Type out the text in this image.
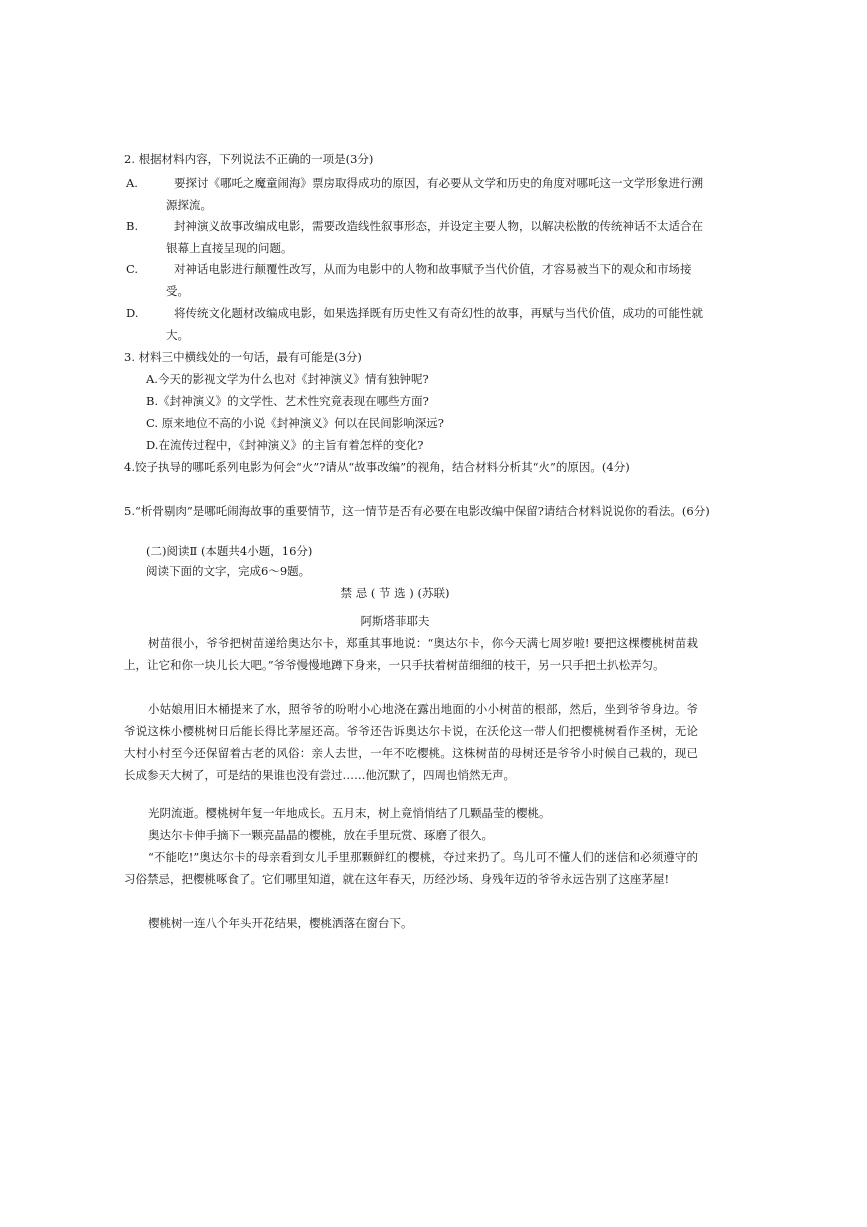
2. 根据材料内容，下列说法不正确的一项是(3分)

A.	要探讨《哪吒之魔童闹海》票房取得成功的原因，有必要从文学和历史的角度对哪吒这一文学形象进行溯源探流。

B.	封神演义故事改编成电影，需要改造线性叙事形态，并设定主要人物，以解决松散的传统神话不太适合在银幕上直接呈现的问题。

C.	对神话电影进行颠覆性改写，从而为电影中的人物和故事赋予当代价值，才容易被当下的观众和市场接受。

D.	将传统文化题材改编成电影，如果选择既有历史性又有奇幻性的故事，再赋与当代价值，成功的可能性就大。

3. 材料三中横线处的一句话，最有可能是(3分)

A.今天的影视文学为什么也对《封神演义》情有独钟呢?

B.《封神演义》的文学性、艺术性究竟表现在哪些方面?

C. 原来地位不高的小说《封神演义》何以在民间影响深远?

D.在流传过程中，《封神演义》的主旨有着怎样的变化?

4.饺子执导的哪吒系列电影为何会“火”?请从“故事改编”的视角，结合材料分析其“火”的原因。(4分)

5.“析骨剔肉”是哪吒闹海故事的重要情节，这一情节是否有必要在电影改编中保留?请结合材料说说你的看法。(6分)

(二)阅读Ⅱ (本题共4小题，16分)

阅读下面的文字，完成6～9题。

禁 忌 ( 节 选 ) (苏联)

阿斯塔菲耶夫

树苗很小，爷爷把树苗递给奥达尔卡，郑重其事地说：“奥达尔卡，你今天满七周岁啦! 要把这棵樱桃树苗栽上，让它和你一块儿长大吧。”爷爷慢慢地蹲下身来，一只手扶着树苗细细的枝干，另一只手把土扒松弄匀。

小姑娘用旧木桶提来了水，照爷爷的吩咐小心地浇在露出地面的小小树苗的根部，然后，坐到爷爷身边。爷爷说这株小樱桃树日后能长得比茅屋还高。爷爷还告诉奥达尔卡说，在沃伦这一带人们把樱桃树看作圣树，无论大村小村至今还保留着古老的风俗：亲人去世，一年不吃樱桃。这株树苗的母树还是爷爷小时候自己栽的，现已长成参天大树了，可是结的果谁也没有尝过……他沉默了，四周也悄然无声。

光阴流逝。樱桃树年复一年地成长。五月末，树上竟悄悄结了几颗晶莹的樱桃。

奥达尔卡伸手摘下一颗亮晶晶的樱桃，放在手里玩赏、琢磨了很久。

“不能吃!”奥达尔卡的母亲看到女儿手里那颗鲜红的樱桃，夺过来扔了。鸟儿可不懂人们的迷信和必须遵守的习俗禁忌，把樱桃啄食了。它们哪里知道，就在这年春天，历经沙场、身残年迈的爷爷永远告别了这座茅屋!

樱桃树一连八个年头开花结果，樱桃洒落在窗台下。
